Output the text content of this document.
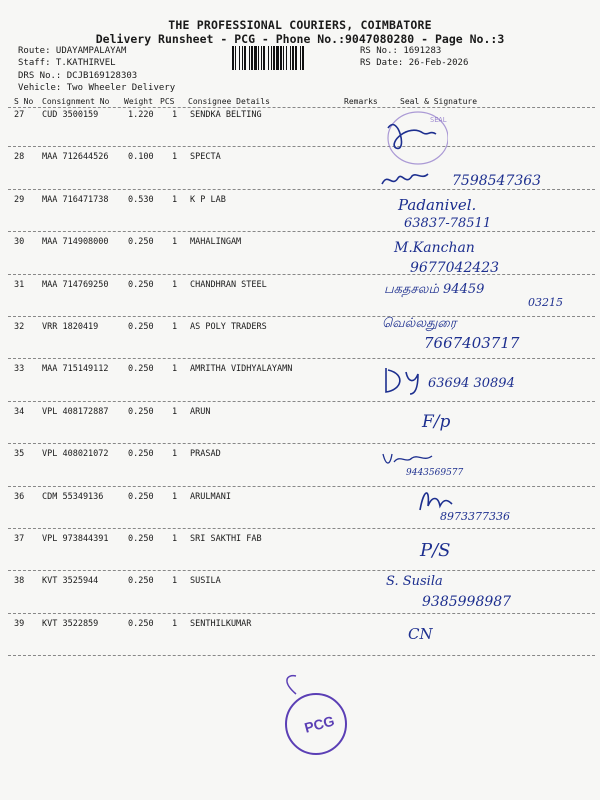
THE PROFESSIONAL COURIERS, COIMBATORE
Delivery Runsheet - PCG - Phone No.:9047080280 - Page No.:3
Route: UDAYAMPALAYAM
Staff: T.KATHIRVEL
DRS No.: DCJB169128303
Vehicle: Two Wheeler Delivery
RS No.: 1691283
RS Date: 26-Feb-2026
S No Consignment No Weight PCS Consignee Details	Remarks	Seal & Signature
27 CUD 3500159	1.220 1 SENDKA BELTING
28 MAA 712644526 0.100 1 SPECTA
29 MAA 716471738 0.530 1 K P LAB
30 MAA 714908000 0.250 1 MAHALINGAM
31 MAA 714769250 0.250 1 CHANDHRAN STEEL
32 VRR 1820419	0.250 1 AS POLY TRADERS
33 MAA 715149112 0.250 1 AMRITHA VIDHYALAYAMN
34 VPL 408172887 0.250 1 ARUN
35 VPL 408021072 0.250 1 PRASAD
36 CDM 55349136	0.250 1 ARULMANI
37 VPL 973844391 0.250 1 SRI SAKTHI FAB
38 KVT 3525944	0.250 1 SUSILA
39 KVT 3522859	0.250 1 SENTHILKUMAR
SEAL
7598547363
Padanivel.
63837-78511
M.Kanchan
9677042423
பகதசலம் 94459
03215
வெல்லதுரை
7667403717
63694 30894
F/p
9443569577
8973377336
P/S
S. Susila
9385998987
CN
PCG
